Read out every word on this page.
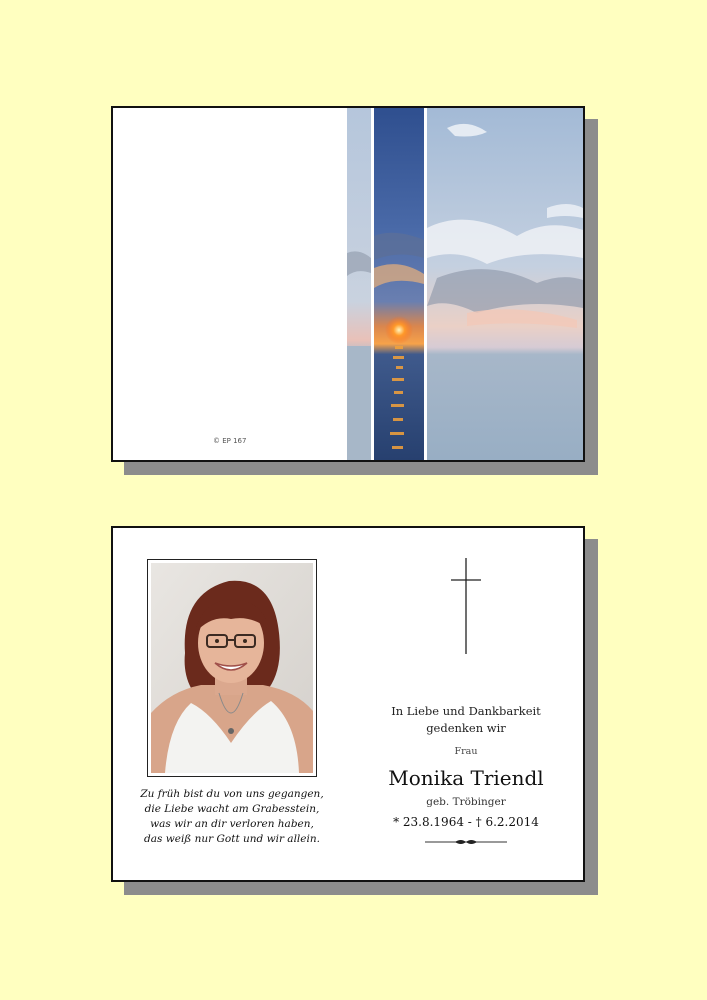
© EP 167
Zu früh bist du von uns gegangen,
die Liebe wacht am Grabesstein,
was wir an dir verloren haben,
das weiß nur Gott und wir allein.
In Liebe und Dankbarkeit
gedenken wir
Frau
Monika Triendl
geb. Tröbinger
* 23.8.1964 - † 6.2.2014
